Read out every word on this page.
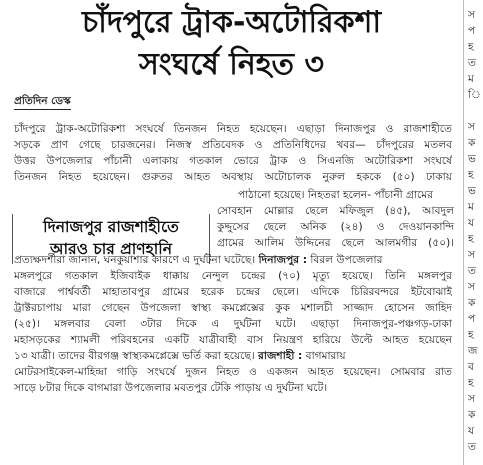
চাঁদপুরে ট্রাক-অটোরিকশা
সংঘর্ষে নিহত ৩
প্রতিদিন ডেস্ক
চাঁদপুরে ট্রাক-অটোরিকশা সংঘর্ষে তিনজন নিহত হয়েছেন। এছাড়া দিনাজপুর ও রাজশাহীতে
সড়কে প্রাণ গেছে চারজনের। নিজস্ব প্রতিবেদক ও প্রতিনিধিদের খবর— চাঁদপুরের মতলব
উত্তর উপজেলার পাঁচানী এলাকায় গতকাল ভোরে ট্রাক ও সিএনজি অটোরিকশা সংঘর্ষে
তিনজন নিহত হয়েছেন। গুরুতর আহত অবস্থায় অটোচালক নুরুল হককে (৫০) ঢাকায়
দিনাজপুর রাজশাহীতে
আরও চার প্রাণহানি
পাঠানো হয়েছে। নিহতরা হলেন- পাঁচানী গ্রামের
সোবহান মোল্লার ছেলে মফিজুল (৪৫), আবদুল
কুদ্দুসের ছেলে অনিক (২৪) ও দেওয়ানকান্দি
গ্রামের আলিম উদ্দিনের ছেলে আলমগীর (৫০)।
প্রত্যক্ষদর্শীরা জানান, ঘনকুয়াশার কারণে এ দুর্ঘটনা ঘটেছে। দিনাজপুর : বিরল উপজেলার
মঙ্গলপুরে গতকাল ইজিবাইক ধাক্কায় নেন্দুল চন্দ্রের (৭০) মৃত্যু হয়েছে। তিনি মঙ্গলপুর
বাজারে পার্শ্ববর্তী মাহাতাবপুর গ্রামের হরেক চন্দ্রের ছেলে। এদিকে চিরিরবন্দরে ইটবোঝাই
ট্রাক্টরচাপায় মারা গেছেন উপজেলা স্বাস্থ্য কমপ্লেক্সের কুক মশালচী সাজ্জাদ হোসেন জাহিদ
(২৫)। মঙ্গলবার বেলা ৩টার দিকে এ দুর্ঘটনা ঘটে। এছাড়া দিনাজপুর-পঞ্চগড়-ঢাকা
মহাসড়কের শ্যামলী পরিবহনের একটি যাত্রীবাহী বাস নিয়ন্ত্রণ হারিয়ে উল্টে আহত হয়েছেন
১৩ যাত্রী। তাদের বীরগঞ্জ স্বাস্থ্যকমপ্লেক্সে ভর্তি করা হয়েছে। রাজশাহী : বাগমারায়
মোটরসাইকেল-মাহিন্দ্রা গাড়ি সংঘর্ষে দুজন নিহত ও একজন আহত হয়েছেন। সোমবার রাত
সাড়ে ৮টার দিকে বাগমারা উপজেলার মবতপুর টেকি পাড়ায় এ দুর্ঘটনা ঘটে।
স
প
হ
ত
ম
ি
স
ক
ভ
হ
ভ
ম
য
হ
স
ত
স
ক
প
হ
জ
ব
হ
স
ক
য
ত
